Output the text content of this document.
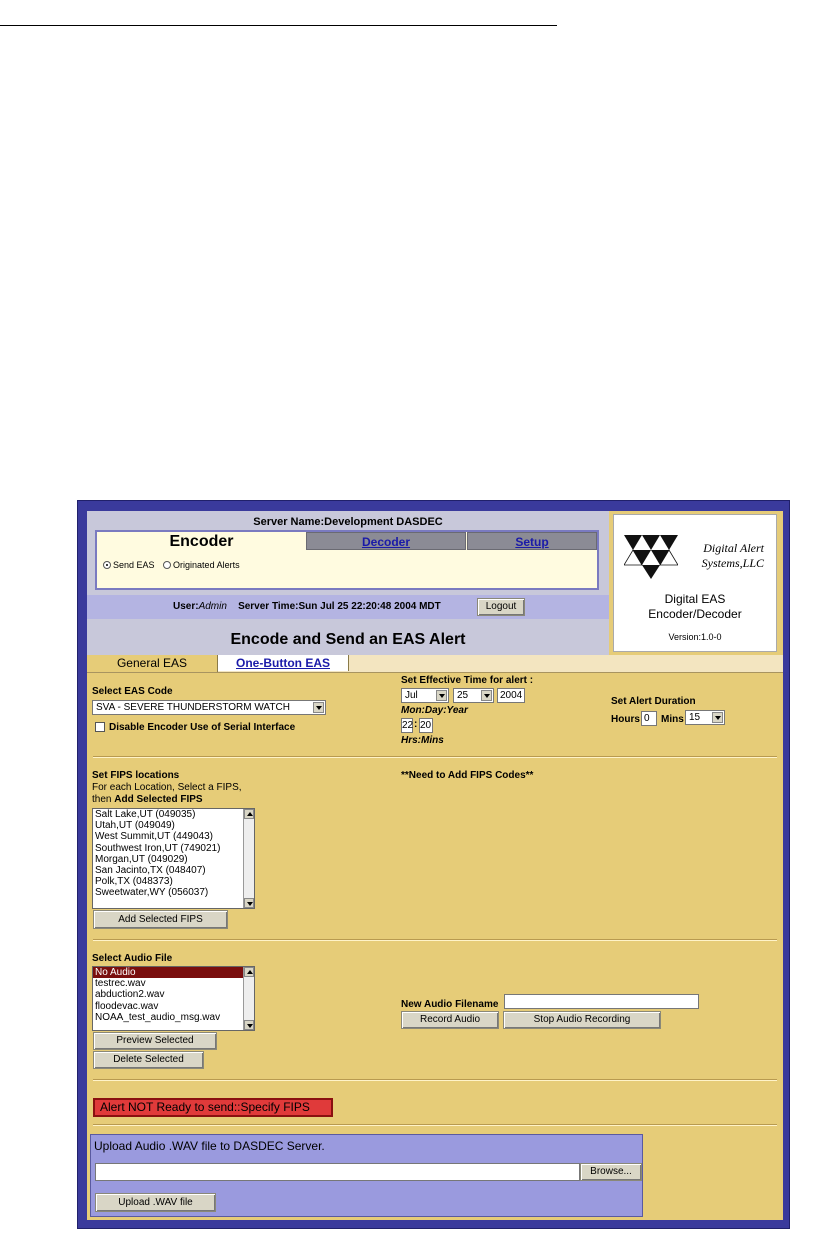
Server Name:Development DASDEC
Encoder	Decoder	Setup
Send EAS Originated Alerts
User:Admin Server Time:Sun Jul 25 22:20:48 2004 MDT	Logout
Encode and Send an EAS Alert
Digital Alert
Systems,LLC
Digital EAS
Encoder/Decoder
Version:1.0-0
General EAS	One-Button EAS
Select EAS Code
SVA - SEVERE THUNDERSTORM WATCH
Disable Encoder Use of Serial Interface
Set Effective Time for alert :
Jul	25	2004
Mon:Day:Year
22 : 20
Hrs:Mins
Set Alert Duration
Hours 0	Mins 15
Set FIPS locations
For each Location, Select a FIPS,
then Add Selected FIPS
Salt Lake,UT (049035)
Utah,UT (049049)
West Summit,UT (449043)
Southwest Iron,UT (749021)
Morgan,UT (049029)
San Jacinto,TX (048407)
Polk,TX (048373)
Sweetwater,WY (056037)
Add Selected FIPS
**Need to Add FIPS Codes**
Select Audio File
No Audio
testrec.wav
abduction2.wav
floodevac.wav
NOAA_test_audio_msg.wav
Preview Selected
Delete Selected
New Audio Filename
Record Audio	Stop Audio Recording
Alert NOT Ready to send::Specify FIPS
Upload Audio .WAV file to DASDEC Server.
Browse...
Upload .WAV file
